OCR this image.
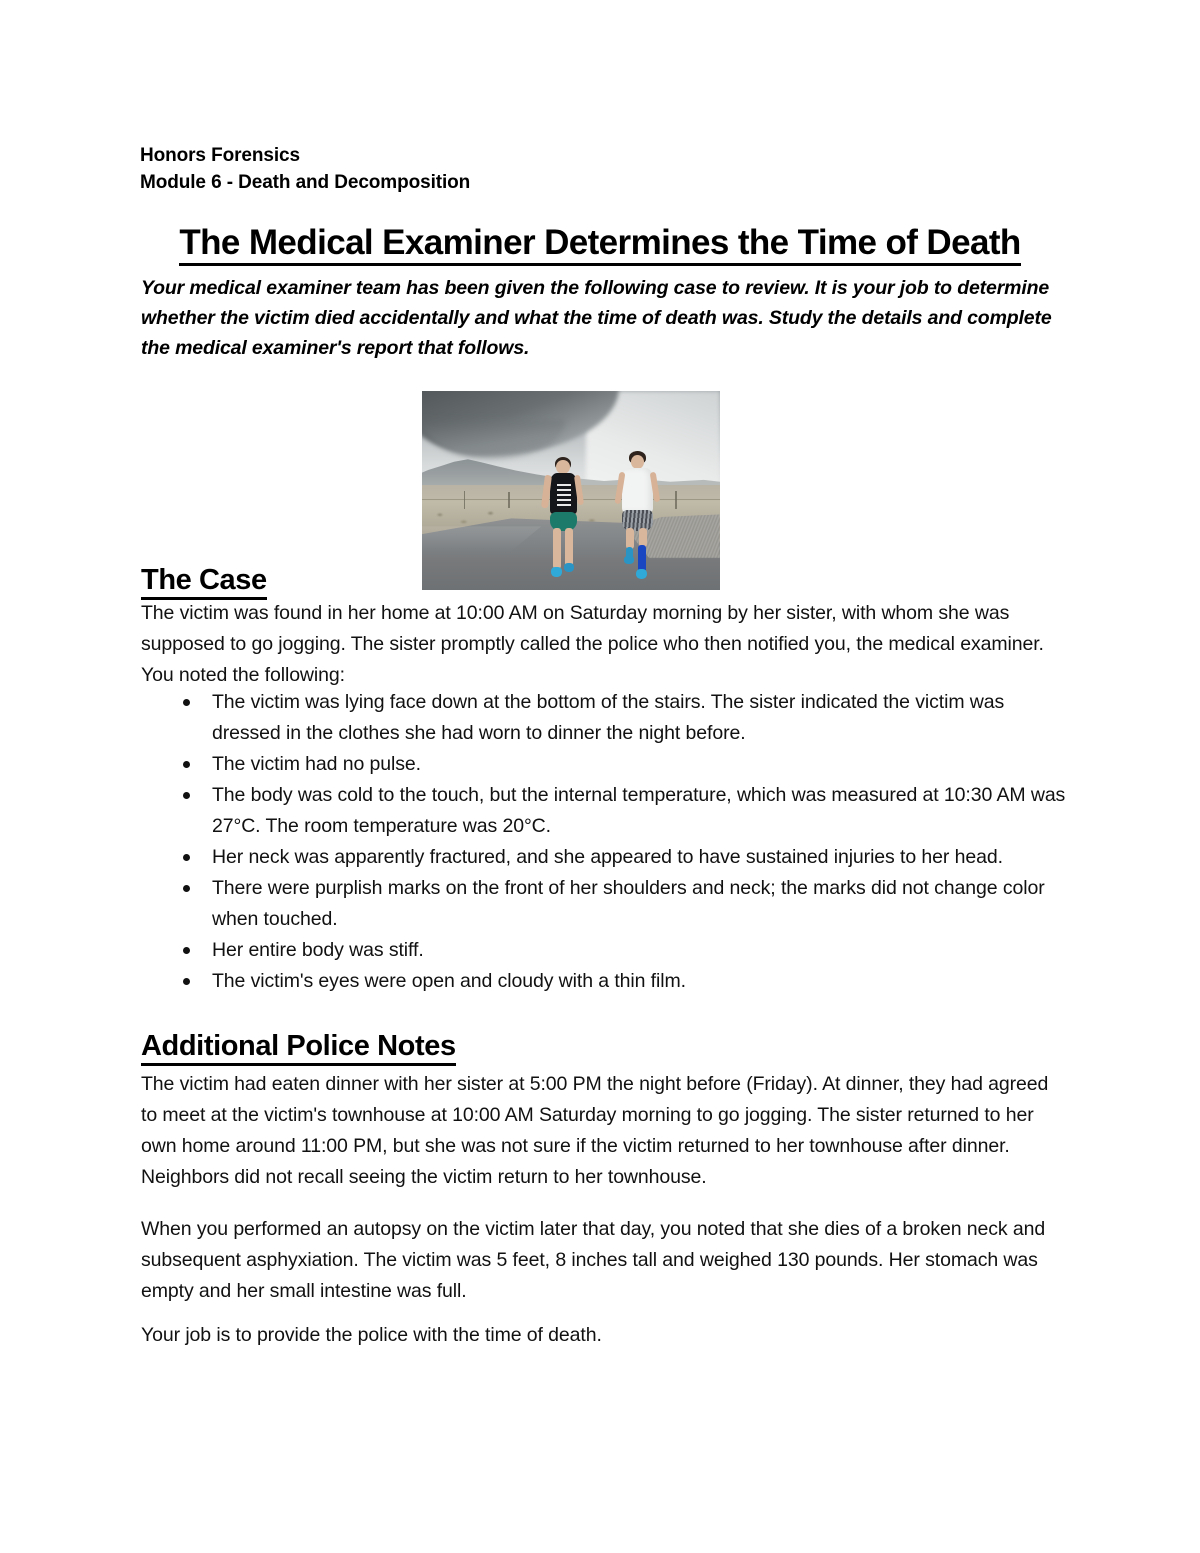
Honors Forensics
Module 6 - Death and Decomposition
The Medical Examiner Determines the Time of Death
Your medical examiner team has been given the following case to review. It is your job to determine whether the victim died accidentally and what the time of death was. Study the details and complete the medical examiner's report that follows.
The Case
The victim was found in her home at 10:00 AM on Saturday morning by her sister, with whom she was supposed to go jogging. The sister promptly called the police who then notified you, the medical examiner. You noted the following:
The victim was lying face down at the bottom of the stairs. The sister indicated the victim was dressed in the clothes she had worn to dinner the night before.
The victim had no pulse.
The body was cold to the touch, but the internal temperature, which was measured at 10:30 AM was 27°C. The room temperature was 20°C.
Her neck was apparently fractured, and she appeared to have sustained injuries to her head.
There were purplish marks on the front of her shoulders and neck; the marks did not change color when touched.
Her entire body was stiff.
The victim's eyes were open and cloudy with a thin film.
Additional Police Notes
The victim had eaten dinner with her sister at 5:00 PM the night before (Friday). At dinner, they had agreed to meet at the victim's townhouse at 10:00 AM Saturday morning to go jogging. The sister returned to her own home around 11:00 PM, but she was not sure if the victim returned to her townhouse after dinner. Neighbors did not recall seeing the victim return to her townhouse.
When you performed an autopsy on the victim later that day, you noted that she dies of a broken neck and subsequent asphyxiation. The victim was 5 feet, 8 inches tall and weighed 130 pounds. Her stomach was empty and her small intestine was full.
Your job is to provide the police with the time of death.
